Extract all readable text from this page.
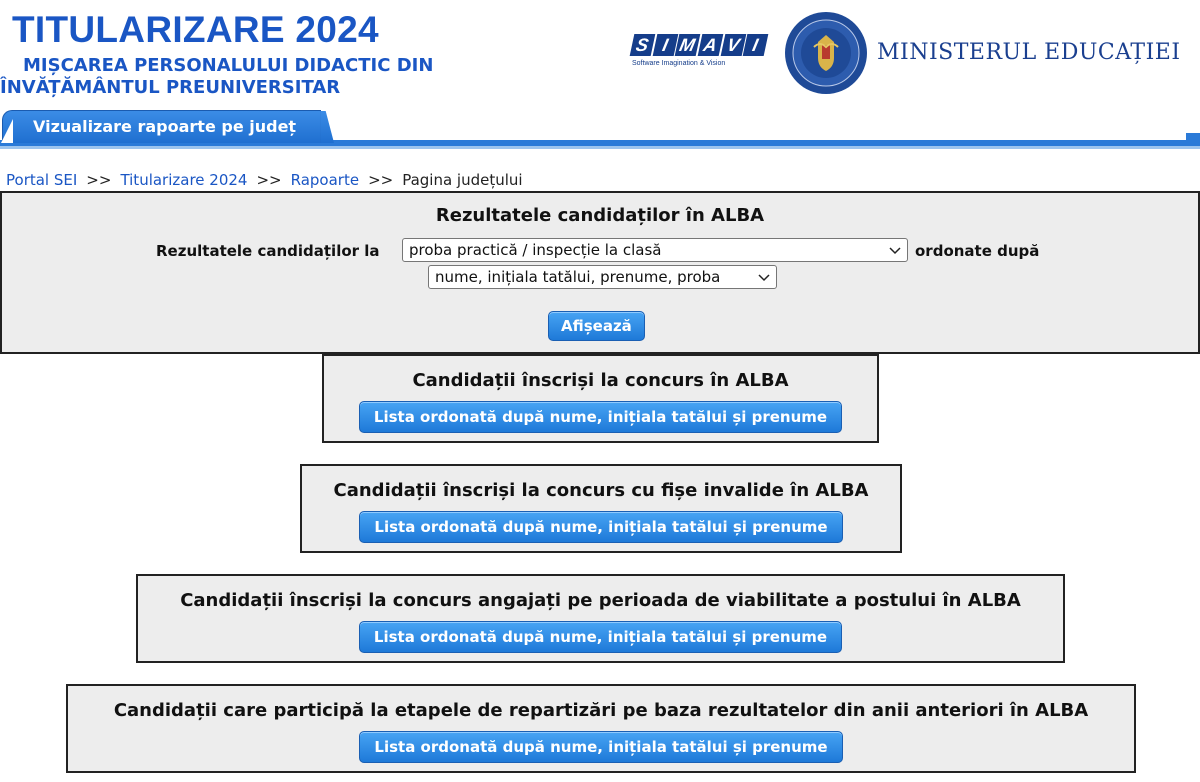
TITULARIZARE 2024
MIȘCAREA PERSONALULUI DIDACTIC DIN
ÎNVĂȚĂMÂNTUL PREUNIVERSITAR
S I M A V I
Software Imagination & Vision	MINISTERUL EDUCAȚIEI
Vizualizare rapoarte pe județ
Portal SEI >> Titularizare 2024 >> Rapoarte >> Pagina județului
Rezultatele candidaților în ALBA
Rezultatele candidaților la	proba practică / inspecție la clasă	ordonate după
nume, inițiala tatălui, prenume, proba
Afișează
Candidații înscriși la concurs în ALBA
Lista ordonată după nume, inițiala tatălui și prenume
Candidații înscriși la concurs cu fișe invalide în ALBA
Lista ordonată după nume, inițiala tatălui și prenume
Candidații înscriși la concurs angajați pe perioada de viabilitate a postului în ALBA
Lista ordonată după nume, inițiala tatălui și prenume
Candidații care participă la etapele de repartizări pe baza rezultatelor din anii anteriori în ALBA
Lista ordonată după nume, inițiala tatălui și prenume
